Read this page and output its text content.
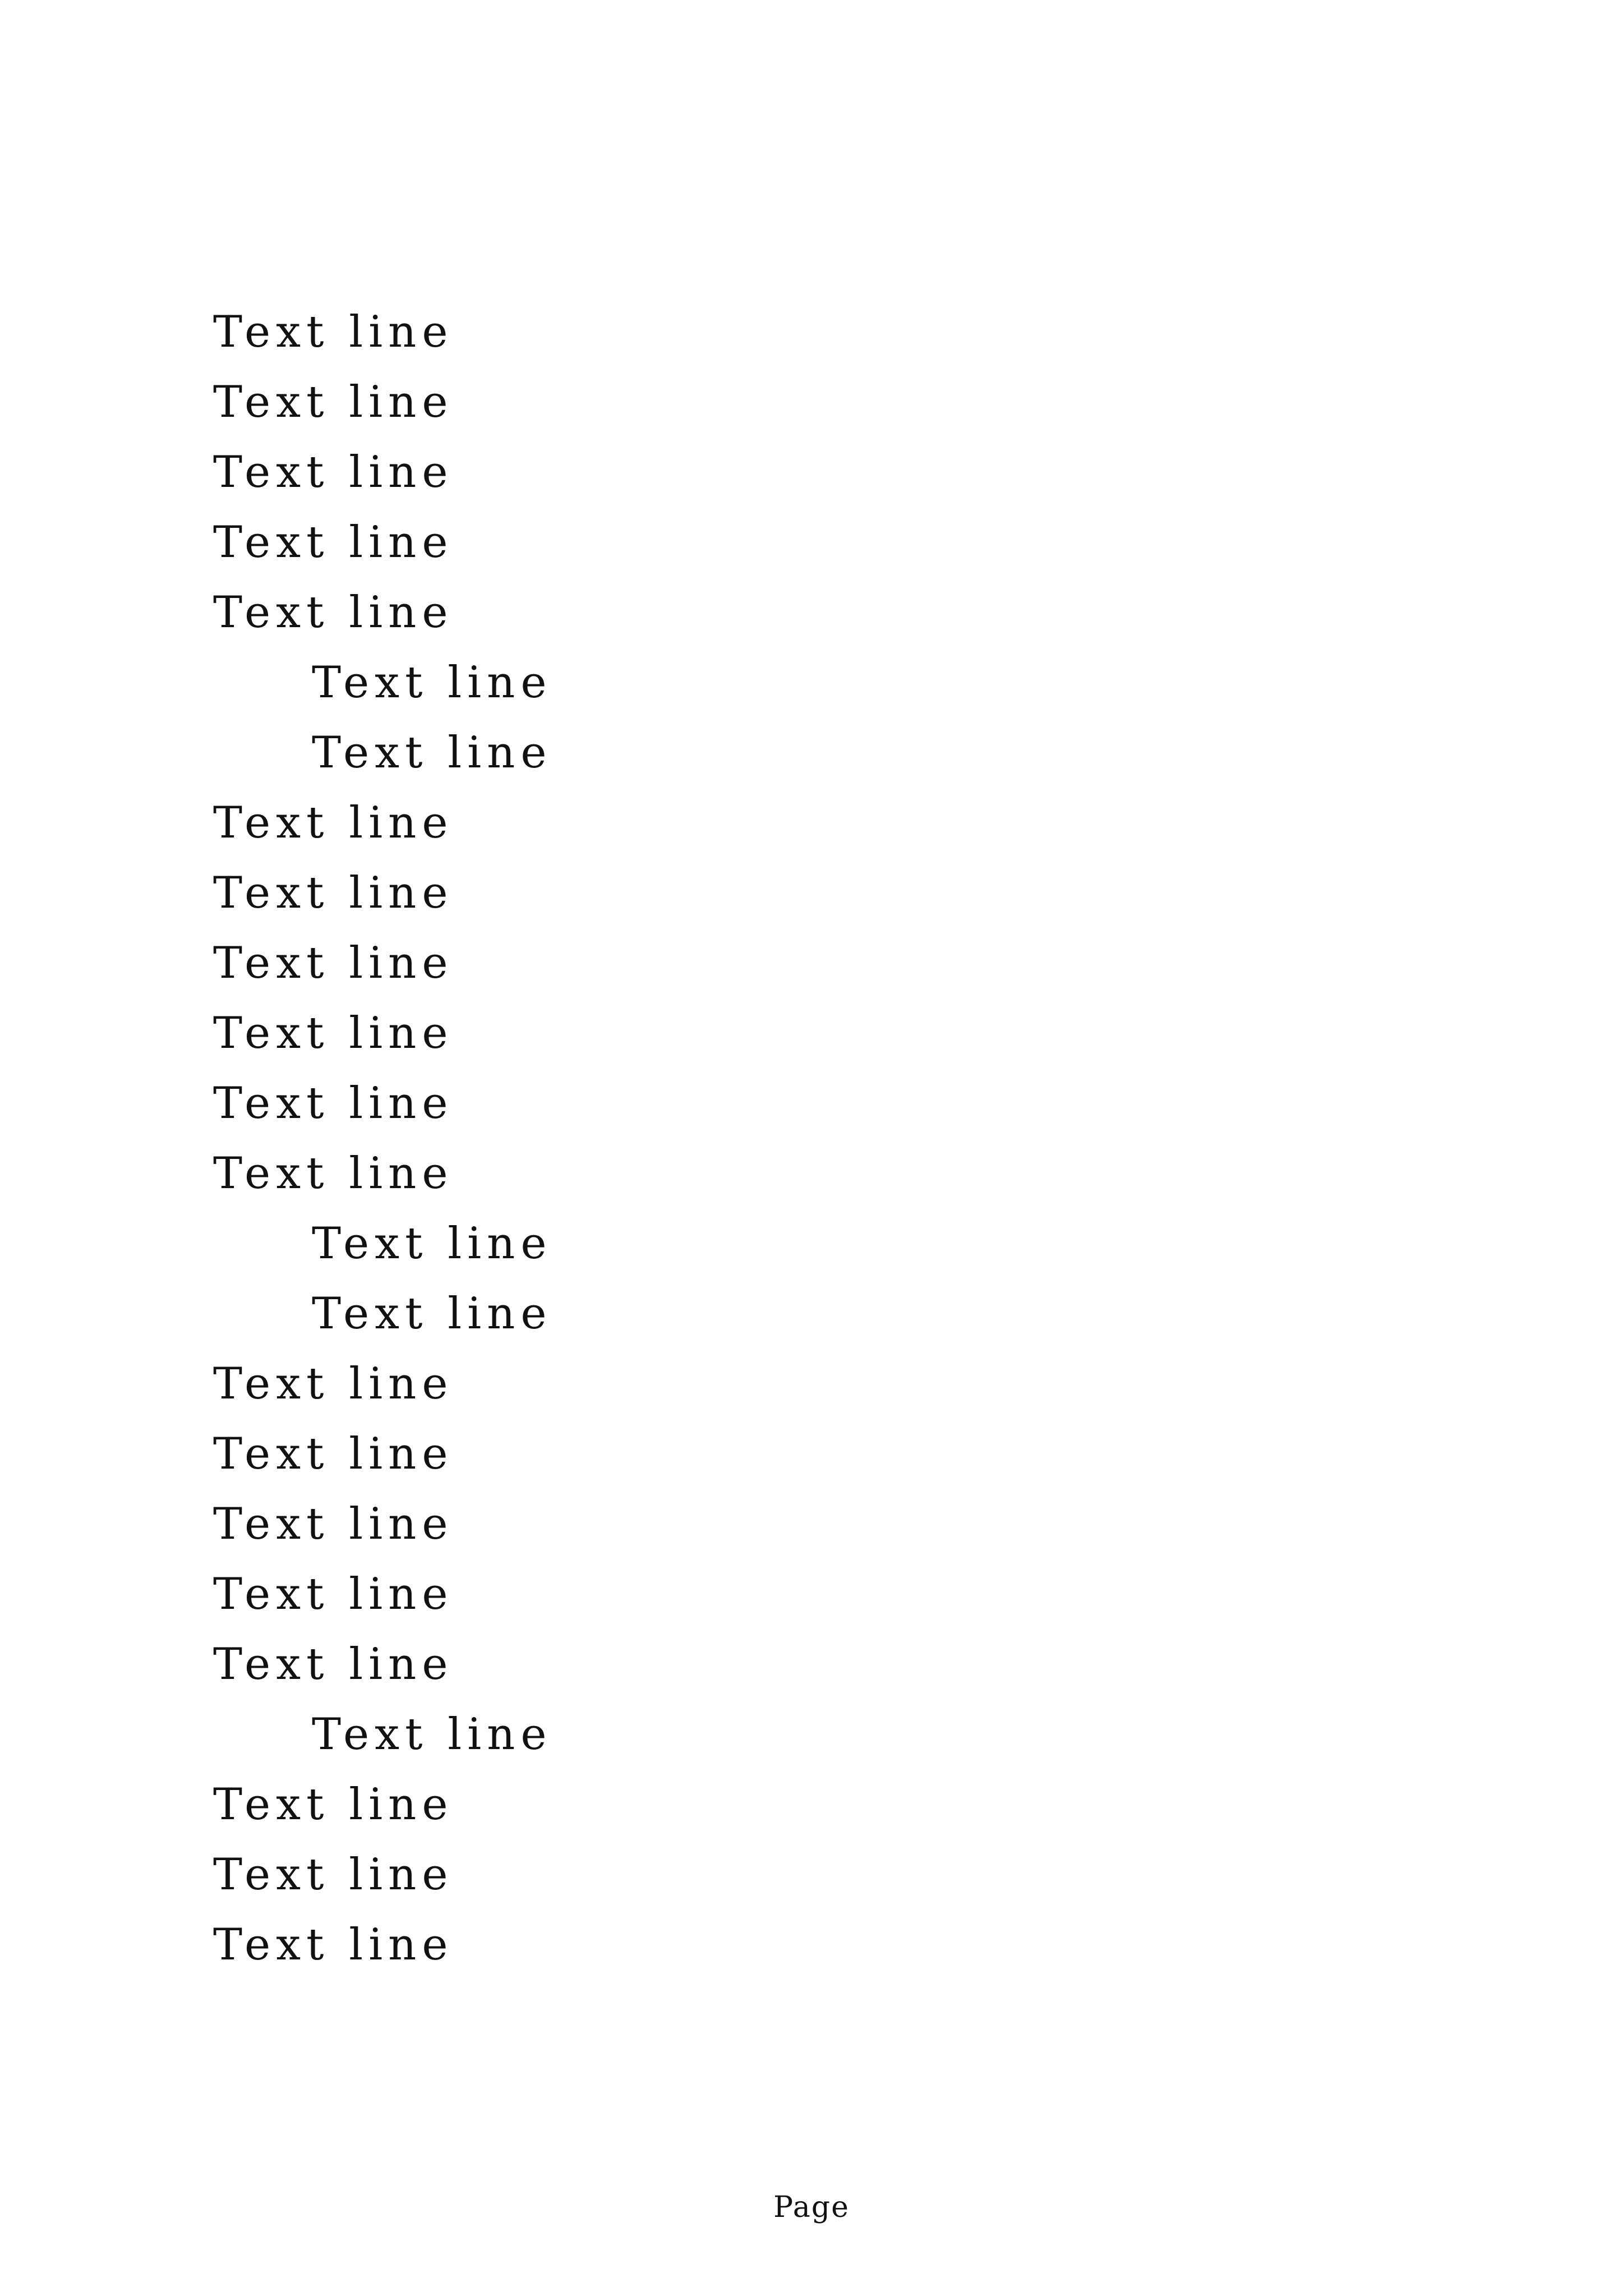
Text line
Text line
Text line
Text line
Text line
Text line
Text line
Text line
Text line
Text line
Text line
Text line
Text line
Text line
Text line
Text line
Text line
Text line
Text line
Text line
Text line
Text line
Text line
Text line
Page
